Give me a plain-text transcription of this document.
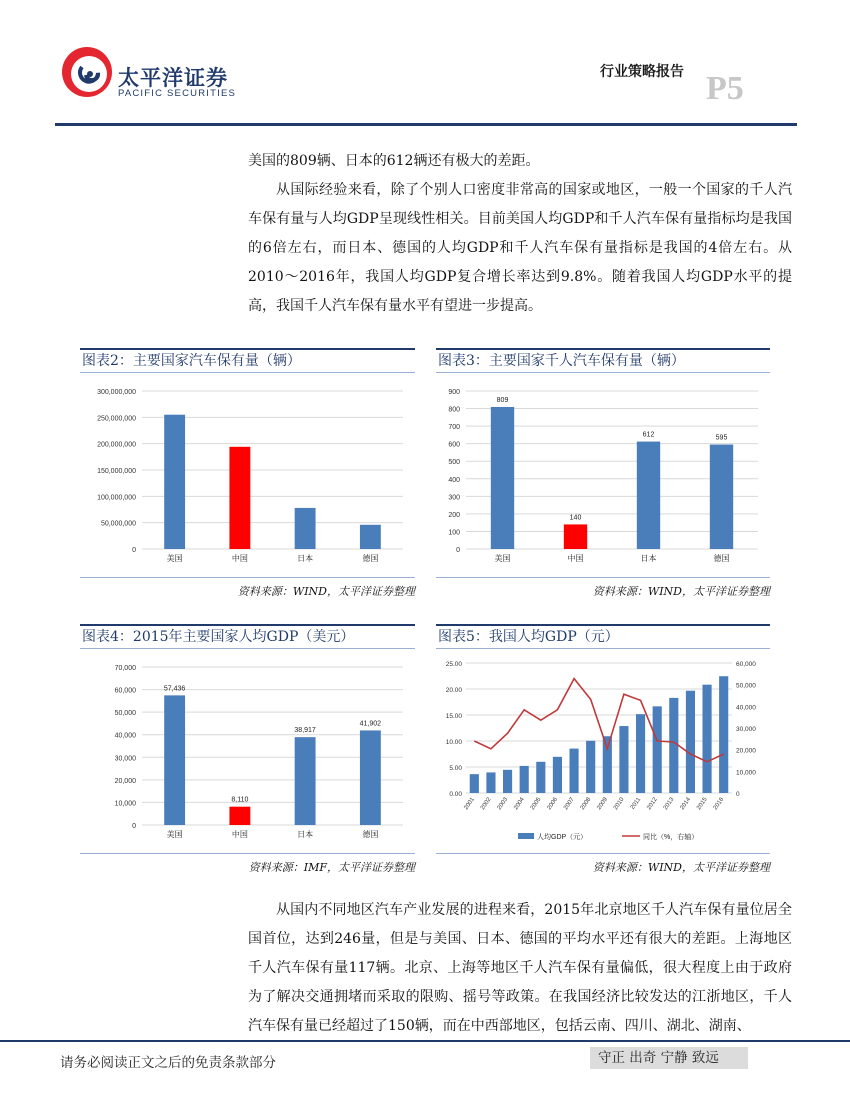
太平洋证券
PACIFIC SECURITIES
行业策略报告 P5

美国的809辆、日本的612辆还有极大的差距。

从国际经验来看，除了个别人口密度非常高的国家或地区，一般一个国家的千人汽车保有量与人均GDP呈现线性相关。目前美国人均GDP和千人汽车保有量指标均是我国的6倍左右，而日本、德国的人均GDP和千人汽车保有量指标是我国的4倍左右。从2010～2016年，我国人均GDP复合增长率达到9.8%。随着我国人均GDP水平的提高，我国千人汽车保有量水平有望进一步提高。

图表2：主要国家汽车保有量（辆）
0
50,000,000
100,000,000
150,000,000
200,000,000
250,000,000
300,000,000
美国	中国	日本	德国
资料来源：WIND，太平洋证券整理
图表3：主要国家千人汽车保有量（辆）
0
100
200
300
400
500
600
700
800
900
809
美国
140
中国
612
日本
595
德国
资料来源：WIND，太平洋证券整理
图表4：2015年主要国家人均GDP（美元）
0
10,000
20,000
30,000
40,000
50,000
60,000
70,000
57,436
美国
8,110
中国
38,917
日本
41,902
德国
资料来源：IMF，太平洋证券整理
图表5：我国人均GDP（元）
0.00
5.00
10.00
15.00
20.00
25.00
0
10,000
20,000
30,000
40,000
50,000
60,000
2001 2002 2003 2004 2005 2006 2007 2008 2009 2010 2011 2012 2013 2014 2015 2016
人均GDP（元）	同比（%，右轴）
资料来源：WIND，太平洋证券整理

从国内不同地区汽车产业发展的进程来看，2015年北京地区千人汽车保有量位居全国首位，达到246量，但是与美国、日本、德国的平均水平还有很大的差距。上海地区千人汽车保有量117辆。北京、上海等地区千人汽车保有量偏低，很大程度上由于政府为了解决交通拥堵而采取的限购、摇号等政策。在我国经济比较发达的江浙地区，千人汽车保有量已经超过了150辆，而在中西部地区，包括云南、四川、湖北、湖南、

请务必阅读正文之后的免责条款部分	守正 出奇 宁静 致远
